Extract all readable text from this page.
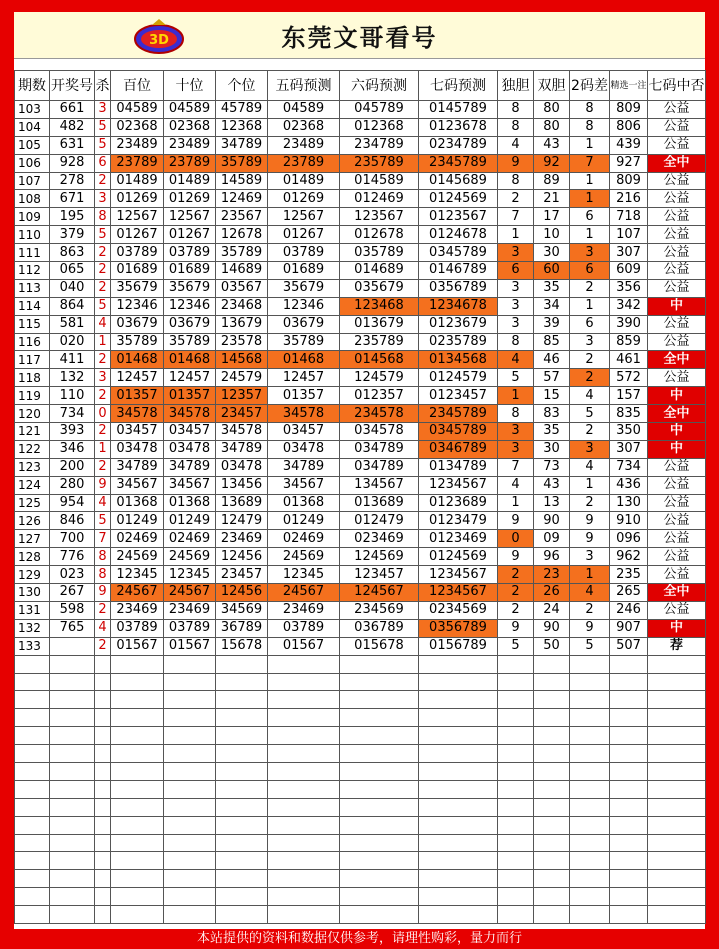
3D	东莞文哥看号
期数	开奖号	杀	百位	十位	个位	五码预测	六码预测	七码预测	独胆	双胆	2码差	精选一注	七码中否
103	661	3	04589	04589	45789	04589	045789	0145789	8	80	8	809	公益
104	482	5	02368	02368	12368	02368	012368	0123678	8	80	8	806	公益
105	631	5	23489	23489	34789	23489	234789	0234789	4	43	1	439	公益
106	928	6	23789	23789	35789	23789	235789	2345789	9	92	7	927	全中
107	278	2	01489	01489	14589	01489	014589	0145689	8	89	1	809	公益
108	671	3	01269	01269	12469	01269	012469	0124569	2	21	1	216	公益
109	195	8	12567	12567	23567	12567	123567	0123567	7	17	6	718	公益
110	379	5	01267	01267	12678	01267	012678	0124678	1	10	1	107	公益
111	863	2	03789	03789	35789	03789	035789	0345789	3	30	3	307	公益
112	065	2	01689	01689	14689	01689	014689	0146789	6	60	6	609	公益
113	040	2	35679	35679	03567	35679	035679	0356789	3	35	2	356	公益
114	864	5	12346	12346	23468	12346	123468	1234678	3	34	1	342	中
115	581	4	03679	03679	13679	03679	013679	0123679	3	39	6	390	公益
116	020	1	35789	35789	23578	35789	235789	0235789	8	85	3	859	公益
117	411	2	01468	01468	14568	01468	014568	0134568	4	46	2	461	全中
118	132	3	12457	12457	24579	12457	124579	0124579	5	57	2	572	公益
119	110	2	01357	01357	12357	01357	012357	0123457	1	15	4	157	中
120	734	0	34578	34578	23457	34578	234578	2345789	8	83	5	835	全中
121	393	2	03457	03457	34578	03457	034578	0345789	3	35	2	350	中
122	346	1	03478	03478	34789	03478	034789	0346789	3	30	3	307	中
123	200	2	34789	34789	03478	34789	034789	0134789	7	73	4	734	公益
124	280	9	34567	34567	13456	34567	134567	1234567	4	43	1	436	公益
125	954	4	01368	01368	13689	01368	013689	0123689	1	13	2	130	公益
126	846	5	01249	01249	12479	01249	012479	0123479	9	90	9	910	公益
127	700	7	02469	02469	23469	02469	023469	0123469	0	09	9	096	公益
128	776	8	24569	24569	12456	24569	124569	0124569	9	96	3	962	公益
129	023	8	12345	12345	23457	12345	123457	1234567	2	23	1	235	公益
130	267	9	24567	24567	12456	24567	124567	1234567	2	26	4	265	全中
131	598	2	23469	23469	34569	23469	234569	0234569	2	24	2	246	公益
132	765	4	03789	03789	36789	03789	036789	0356789	9	90	9	907	中
133		2	01567	01567	15678	01567	015678	0156789	5	50	5	507	荐

本站提供的资料和数据仅供参考，请理性购彩，量力而行
